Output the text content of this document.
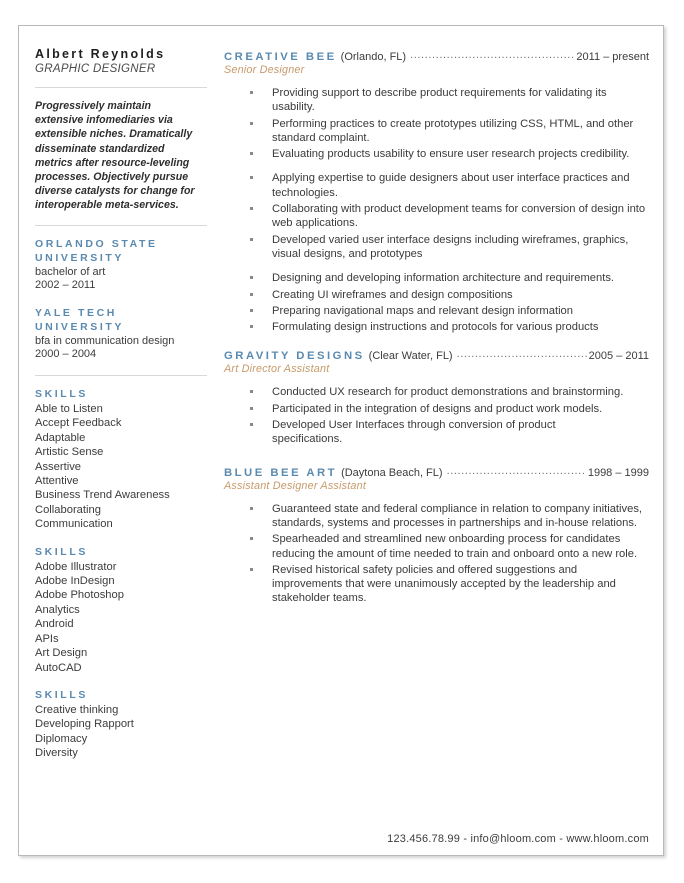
Albert Reynolds
GRAPHIC DESIGNER
Progressively maintain extensive infomediaries via extensible niches. Dramatically disseminate standardized metrics after resource-leveling processes. Objectively pursue diverse catalysts for change for interoperable meta-services.
ORLANDO STATE UNIVERSITY
bachelor of art
2002 – 2011
YALE TECH UNIVERSITY
bfa in communication design
2000 – 2004
SKILLS
Able to Listen
Accept Feedback
Adaptable
Artistic Sense
Assertive
Attentive
Business Trend Awareness
Collaborating
Communication
SKILLS
Adobe Illustrator
Adobe InDesign
Adobe Photoshop
Analytics
Android
APIs
Art Design
AutoCAD
SKILLS
Creative thinking
Developing Rapport
Diplomacy
Diversity
CREATIVE BEE (Orlando, FL) .....	2011 – present
Senior Designer
Providing support to describe product requirements for validating its usability.
Performing practices to create prototypes utilizing CSS, HTML, and other standard complaint.
Evaluating products usability to ensure user research projects credibility.
Applying expertise to guide designers about user interface practices and technologies.
Collaborating with product development teams for conversion of design into web applications.
Developed varied user interface designs including wireframes, graphics, visual designs, and prototypes
Designing and developing information architecture and requirements.
Creating UI wireframes and design compositions
Preparing navigational maps and relevant design information
Formulating design instructions and protocols for various products
GRAVITY DESIGNS (Clear Water, FL) .....	2005 – 2011
Art Director Assistant
Conducted UX research for product demonstrations and brainstorming.
Participated in the integration of designs and product work models.
Developed User Interfaces through conversion of product specifications.
BLUE BEE ART (Daytona Beach, FL) .....	1998 – 1999
Assistant Designer Assistant
Guaranteed state and federal compliance in relation to company initiatives, standards, systems and processes in partnerships and in-house relations.
Spearheaded and streamlined new onboarding process for candidates reducing the amount of time needed to train and onboard onto a new role.
Revised historical safety policies and offered suggestions and improvements that were unanimously accepted by the leadership and stakeholder teams.
123.456.78.99 - info@hloom.com - www.hloom.com
